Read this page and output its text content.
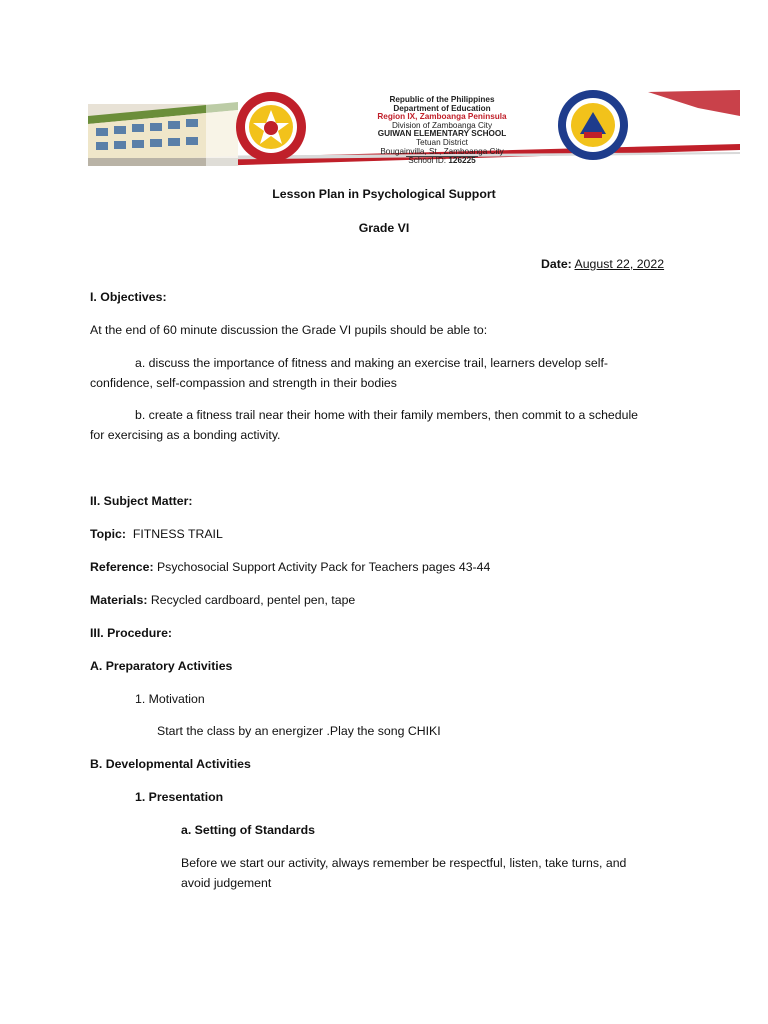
Republic of the Philippines
Department of Education
Region IX, Zamboanga Peninsula
Division of Zamboanga City
GUIWAN ELEMENTARY SCHOOL
Tetuan District
Bougainvilla, St., Zamboanga City
School ID: 126225
Lesson Plan in Psychological Support
Grade VI
Date: August 22, 2022
I. Objectives:
At the end of 60 minute discussion the Grade VI pupils should be able to:
a. discuss the importance of fitness and making an exercise trail, learners develop self-
confidence, self-compassion and strength in their bodies
b. create a fitness trail near their home with their family members, then commit to a schedule
for exercising as a bonding activity.
II. Subject Matter:
Topic: FITNESS TRAIL
Reference: Psychosocial Support Activity Pack for Teachers pages 43-44
Materials: Recycled cardboard, pentel pen, tape
III. Procedure:
A. Preparatory Activities
1. Motivation
Start the class by an energizer .Play the song CHIKI
B. Developmental Activities
1. Presentation
a. Setting of Standards
Before we start our activity, always remember be respectful, listen, take turns, and
avoid judgement
